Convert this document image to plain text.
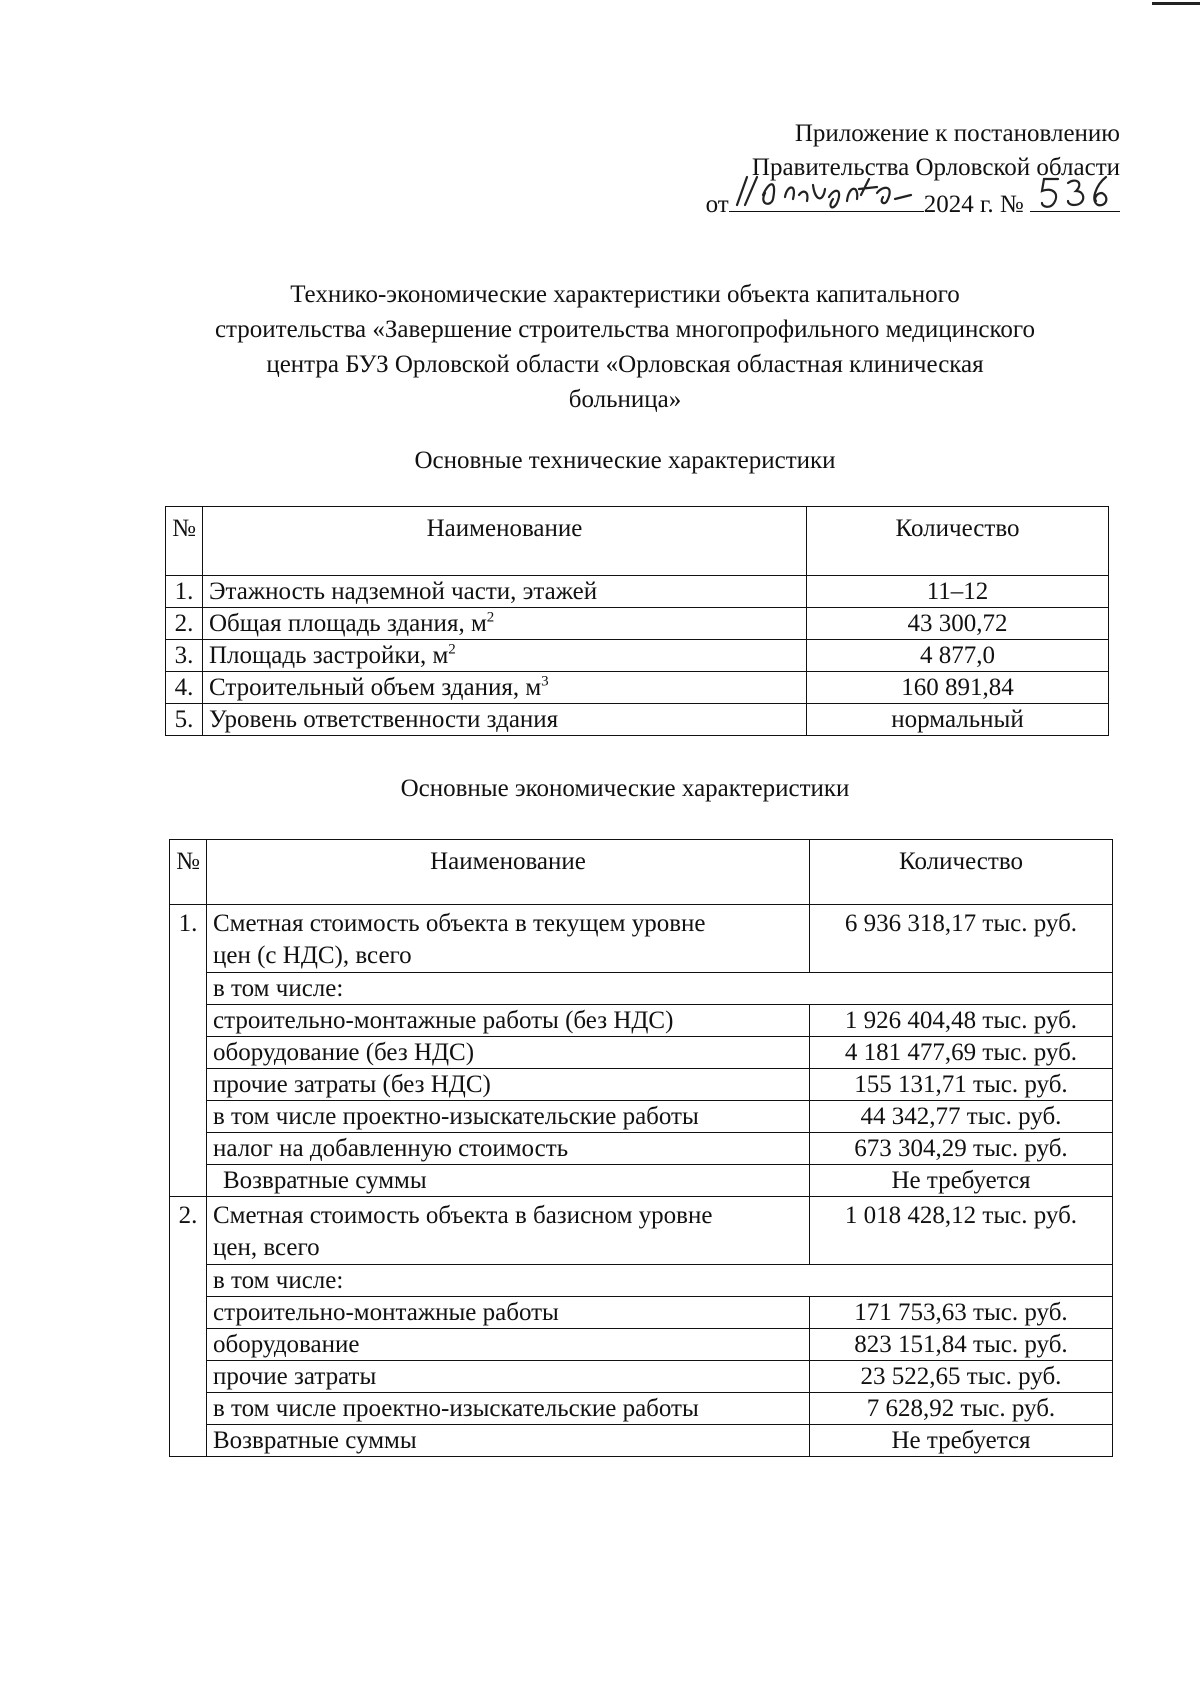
Приложение к постановлению
Правительства Орловской области
от	2024 г. №
Технико-экономические характеристики объекта капитального
строительства «Завершение строительства многопрофильного медицинского
центра БУЗ Орловской области «Орловская областная клиническая
больница»
Основные технические характеристики
№	Наименование	Количество
1.	Этажность надземной части, этажей	11–12
2.	Общая площадь здания, $м^2$	43 300,72
3.	Площадь застройки, $м^2$	4 877,0
4.	Строительный объем здания, $м^3$	160 891,84
5.	Уровень ответственности здания	нормальный
Основные экономические характеристики
№	Наименование	Количество
1.	Сметная стоимость объекта в текущем уровне
цен (с НДС), всего	6 936 318,17 тыс. руб.
	в том числе:	
	строительно-монтажные работы (без НДС)	1 926 404,48 тыс. руб.
	оборудование (без НДС)	4 181 477,69 тыс. руб.
	прочие затраты (без НДС)	155 131,71 тыс. руб.
	в том числе проектно-изыскательские работы	44 342,77 тыс. руб.
	налог на добавленную стоимость	673 304,29 тыс. руб.
	Возвратные суммы	Не требуется
2.	Сметная стоимость объекта в базисном уровне
цен, всего	1 018 428,12 тыс. руб.
	в том числе:	
	строительно-монтажные работы	171 753,63 тыс. руб.
	оборудование	823 151,84 тыс. руб.
	прочие затраты	23 522,65 тыс. руб.
	в том числе проектно-изыскательские работы	7 628,92 тыс. руб.
	Возвратные суммы	Не требуется
